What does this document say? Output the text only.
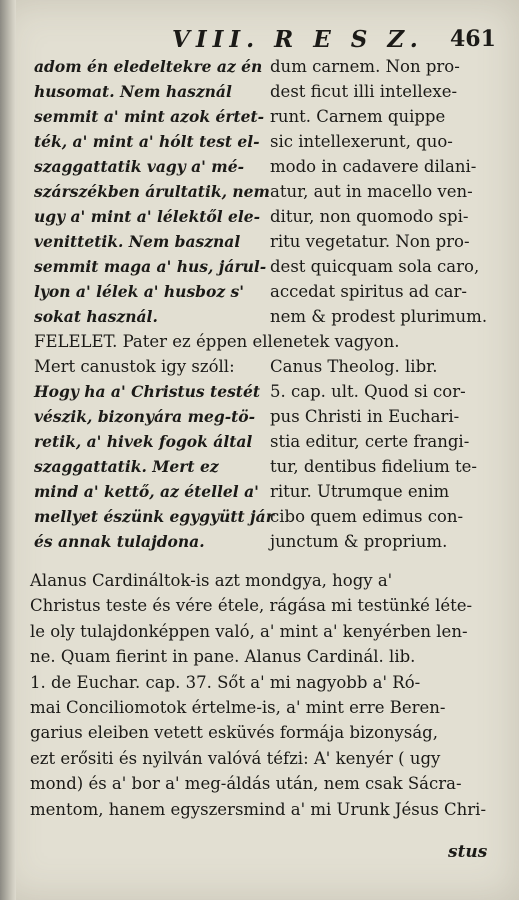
VIII. R E S Z. 461
adom én eledeltekre az én
husomat. Nem használ
semmit a' mint azok értet-
ték, a' mint a' hólt test el-
szaggattatik vagy a' mé-
szárszékben árultatik, nem
ugy a' mint a' lélektől ele-
venittetik. Nem basznal
semmit maga a' hus, járul-
lyon a' lélek a' husboz s'
sokat használ.
FELELET. Pater ez éppen ellenetek vagyon.
Mert canustok igy szóll:
Hogy ha a' Christus testét
vészik, bizonyára meg-tö-
retik, a' hivek fogok által
szaggattatik. Mert ez
mind a' kettő, az étellel a'
mellyet észünk egygyütt jár
és annak tulajdona.
dum carnem. Non pro-
dest ficut illi intellexe-
runt. Carnem quippe
sic intellexerunt, quo-
modo in cadavere dilani-
atur, aut in macello ven-
ditur, non quomodo spi-
ritu vegetatur. Non pro-
dest quicquam sola caro,
accedat spiritus ad car-
nem & prodest plurimum.
Canus Theolog. libr.
5. cap. ult. Quod si cor-
pus Christi in Euchari-
stia editur, certe frangi-
tur, dentibus fidelium te-
ritur. Utrumque enim
cibo quem edimus con-
junctum & proprium.
Alanus Cardináltok-is azt mondgya, hogy a'
Christus teste és vére étele, rágása mi testünké léte-
le oly tulajdonképpen való, a' mint a' kenyérben len-
ne. Quam fierint in pane. Alanus Cardinál. lib.
1. de Euchar. cap. 37. Sőt a' mi nagyobb a' Ró-
mai Conciliomotok értelme-is, a' mint erre Beren-
garius eleiben vetett esküvés formája bizonyság,
ezt erősiti és nyilván valóvá téfzi: A' kenyér ( ugy
mond) és a' bor a' meg-áldás után, nem csak Sácra-
mentom, hanem egyszersmind a' mi Urunk Jésus Chri-
stus
